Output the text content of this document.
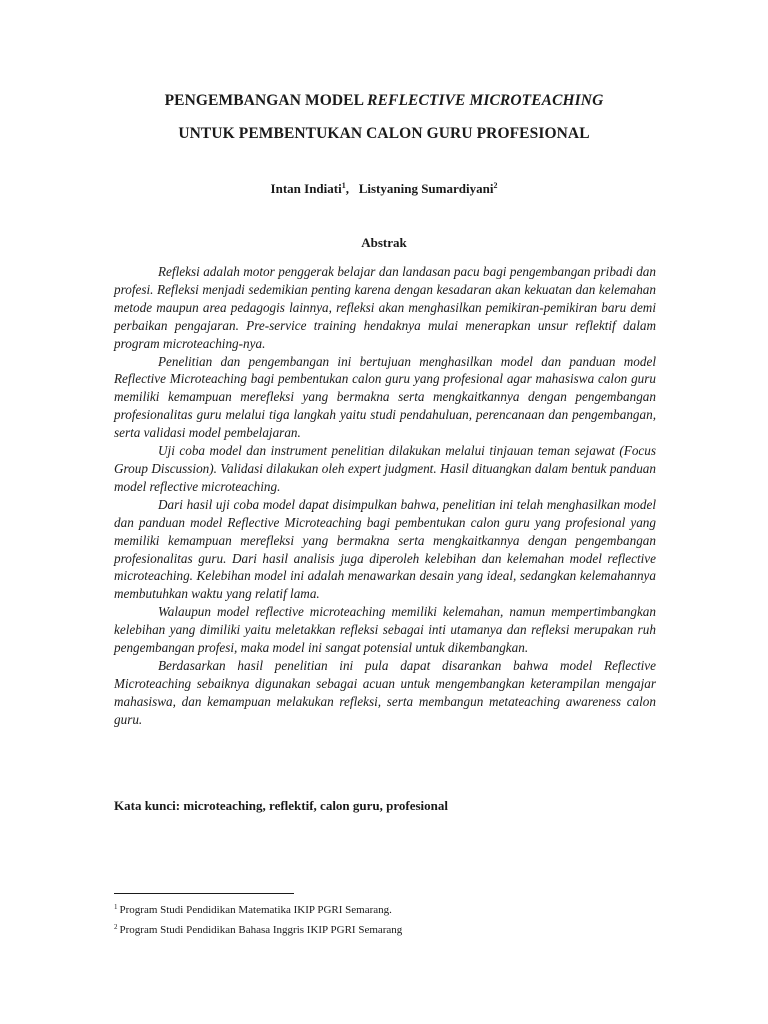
PENGEMBANGAN MODEL REFLECTIVE MICROTEACHING
UNTUK PEMBENTUKAN CALON GURU PROFESIONAL
Intan Indiati$^1$,   Listyaning Sumardiyani$^2$
Abstrak

Refleksi adalah motor penggerak belajar dan landasan pacu bagi pengembangan pribadi dan profesi. Refleksi menjadi sedemikian penting karena dengan kesadaran akan kekuatan dan kelemahan metode maupun area pedagogis lainnya, refleksi akan menghasilkan pemikiran-pemikiran baru demi perbaikan pengajaran. Pre-service training hendaknya mulai menerapkan unsur reflektif dalam program microteaching-nya.

Penelitian dan pengembangan ini bertujuan menghasilkan model dan panduan model Reflective Microteaching bagi pembentukan calon guru yang profesional agar mahasiswa calon guru memiliki kemampuan merefleksi yang bermakna serta mengkaitkannya dengan pengembangan profesionalitas guru melalui tiga langkah yaitu studi pendahuluan, perencanaan dan pengembangan, serta validasi model pembelajaran.

Uji coba model dan instrument penelitian dilakukan melalui tinjauan teman sejawat (Focus Group Discussion). Validasi dilakukan oleh expert judgment. Hasil dituangkan dalam bentuk panduan model reflective microteaching.

Dari hasil uji coba model dapat disimpulkan bahwa, penelitian ini telah menghasilkan model dan panduan model Reflective Microteaching bagi pembentukan calon guru yang profesional yang memiliki kemampuan merefleksi yang bermakna serta mengkaitkannya dengan pengembangan profesionalitas guru. Dari hasil analisis juga diperoleh kelebihan dan kelemahan model reflective microteaching. Kelebihan model ini adalah menawarkan desain yang ideal, sedangkan kelemahannya membutuhkan waktu yang relatif lama.

Walaupun model reflective microteaching memiliki kelemahan, namun mempertimbangkan kelebihan yang dimiliki yaitu meletakkan refleksi sebagai inti utamanya dan refleksi merupakan ruh pengembangan profesi, maka model ini sangat potensial untuk dikembangkan.

Berdasarkan hasil penelitian ini pula dapat disarankan bahwa model Reflective Microteaching sebaiknya digunakan sebagai acuan untuk mengembangkan keterampilan mengajar mahasiswa, dan kemampuan melakukan refleksi, serta membangun metateaching awareness calon guru.

Kata kunci: microteaching, reflektif, calon guru, profesional
$^1$ Program Studi Pendidikan Matematika IKIP PGRI Semarang.
$^2$ Program Studi Pendidikan Bahasa Inggris IKIP PGRI Semarang
